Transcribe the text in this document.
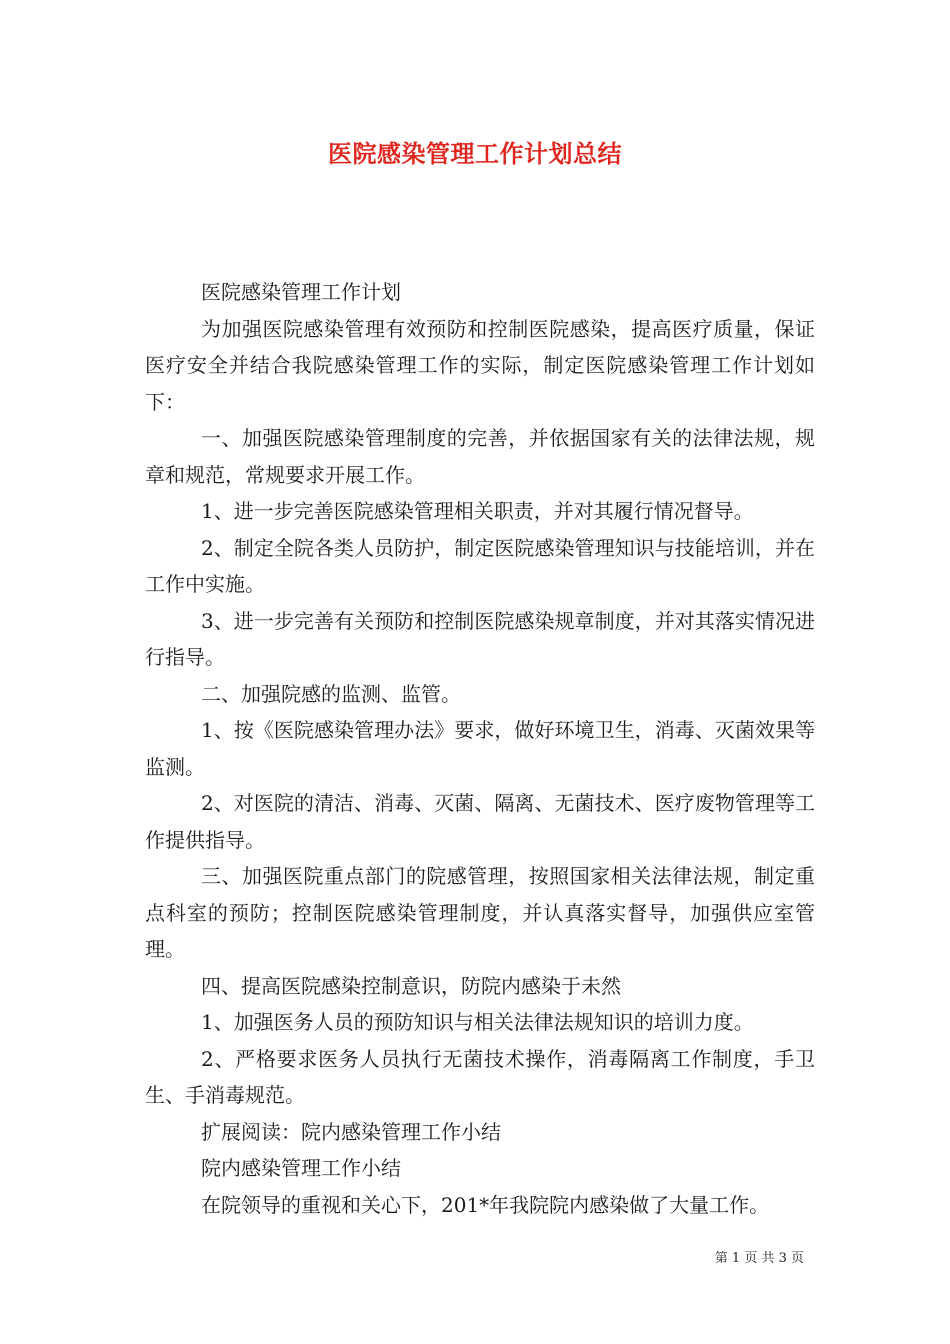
医院感染管理工作计划总结

医院感染管理工作计划

为加强医院感染管理有效预防和控制医院感染，提高医疗质量，保证医疗安全并结合我院感染管理工作的实际，制定医院感染管理工作计划如下：

一、加强医院感染管理制度的完善，并依据国家有关的法律法规，规章和规范，常规要求开展工作。

1、进一步完善医院感染管理相关职责，并对其履行情况督导。

2、制定全院各类人员防护，制定医院感染管理知识与技能培训，并在工作中实施。

3、进一步完善有关预防和控制医院感染规章制度，并对其落实情况进行指导。

二、加强院感的监测、监管。

1、按《医院感染管理办法》要求，做好环境卫生，消毒、灭菌效果等监测。

2、对医院的清洁、消毒、灭菌、隔离、无菌技术、医疗废物管理等工作提供指导。

三、加强医院重点部门的院感管理，按照国家相关法律法规，制定重点科室的预防；控制医院感染管理制度，并认真落实督导，加强供应室管理。

四、提高医院感染控制意识，防院内感染于未然

1、加强医务人员的预防知识与相关法律法规知识的培训力度。

2、严格要求医务人员执行无菌技术操作，消毒隔离工作制度，手卫生、手消毒规范。

扩展阅读：院内感染管理工作小结

院内感染管理工作小结

在院领导的重视和关心下，201*年我院院内感染做了大量工作。

第 1 页 共 3 页
